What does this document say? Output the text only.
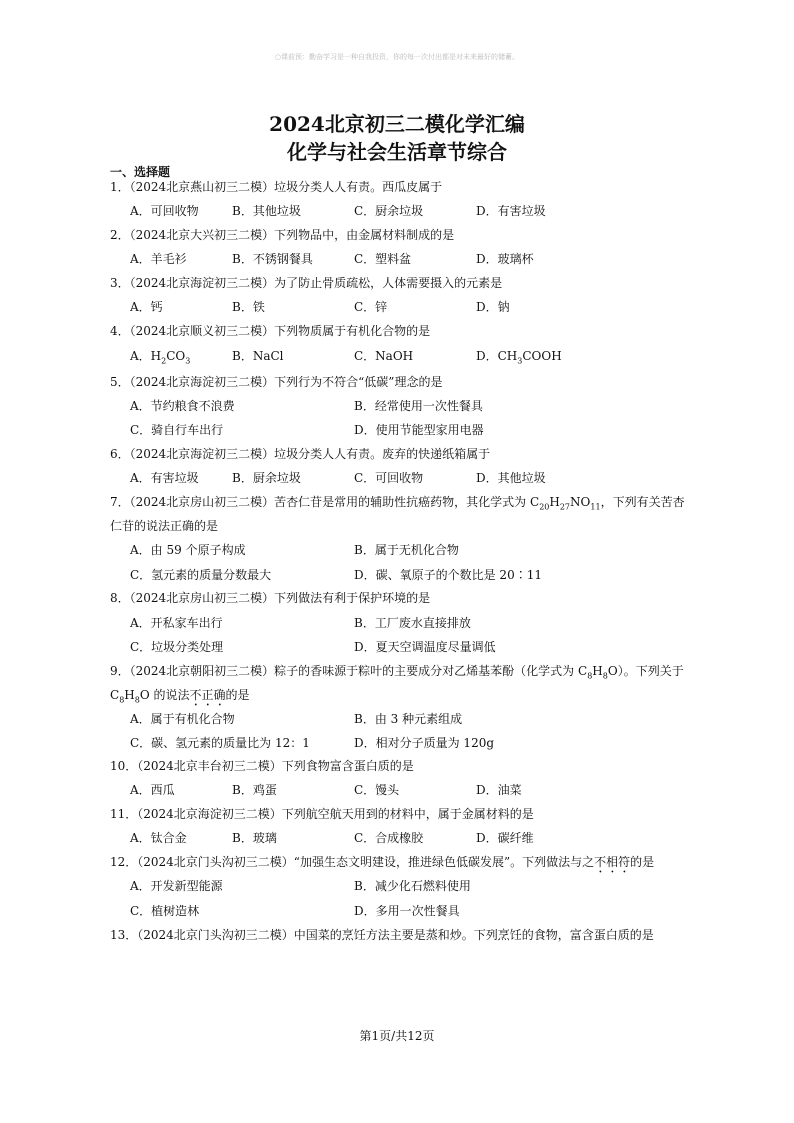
○课前预：勤奋学习是一种自我投资，你的每一次付出都是对未来最好的储蓄。
2024北京初三二模化学汇编
化学与社会生活章节综合
一、选择题
1．（2024北京燕山初三二模）垃圾分类人人有责。西瓜皮属于
A．可回收物	B．其他垃圾	C．厨余垃圾	D．有害垃圾
2．（2024北京大兴初三二模）下列物品中，由金属材料制成的是
A．羊毛衫	B．不锈钢餐具	C．塑料盆	D．玻璃杯
3．（2024北京海淀初三二模）为了防止骨质疏松，人体需要摄入的元素是
A．钙	B．铁	C．锌	D．钠
4．（2024北京顺义初三二模）下列物质属于有机化合物的是
A．$H_2CO_3$	B．NaCl	C．NaOH	D．$CH_3COOH$
5．（2024北京海淀初三二模）下列行为不符合“低碳”理念的是
A．节约粮食不浪费	B．经常使用一次性餐具
C．骑自行车出行	D．使用节能型家用电器
6．（2024北京海淀初三二模）垃圾分类人人有责。废弃的快递纸箱属于
A．有害垃圾	B．厨余垃圾	C．可回收物	D．其他垃圾
7．（2024北京房山初三二模）苦杏仁苷是常用的辅助性抗癌药物，其化学式为 $C_{20}H_{27}NO_{11}$，下列有关苦杏
仁苷的说法正确的是
A．由 59 个原子构成	B．属于无机化合物
C．氢元素的质量分数最大	D．碳、氧原子的个数比是 20∶11
8．（2024北京房山初三二模）下列做法有利于保护环境的是
A．开私家车出行	B．工厂废水直接排放
C．垃圾分类处理	D．夏天空调温度尽量调低
9．（2024北京朝阳初三二模）粽子的香味源于粽叶的主要成分对乙烯基苯酚（化学式为 $C_8H_8O$）。下列关于
$C_8H_8O$ 的说法不正确的是
A．属于有机化合物	B．由 3 种元素组成
C．碳、氢元素的质量比为 12：1	D．相对分子质量为 120g
10．（2024北京丰台初三二模）下列食物富含蛋白质的是
A．西瓜	B．鸡蛋	C．馒头	D．油菜
11．（2024北京海淀初三二模）下列航空航天用到的材料中，属于金属材料的是
A．钛合金	B．玻璃	C．合成橡胶	D．碳纤维
12．（2024北京门头沟初三二模）“加强生态文明建设，推进绿色低碳发展”。下列做法与之不相符的是
A．开发新型能源	B．减少化石燃料使用
C．植树造林	D．多用一次性餐具
13．（2024北京门头沟初三二模）中国菜的烹饪方法主要是蒸和炒。下列烹饪的食物，富含蛋白质的是
第1页/共12页
